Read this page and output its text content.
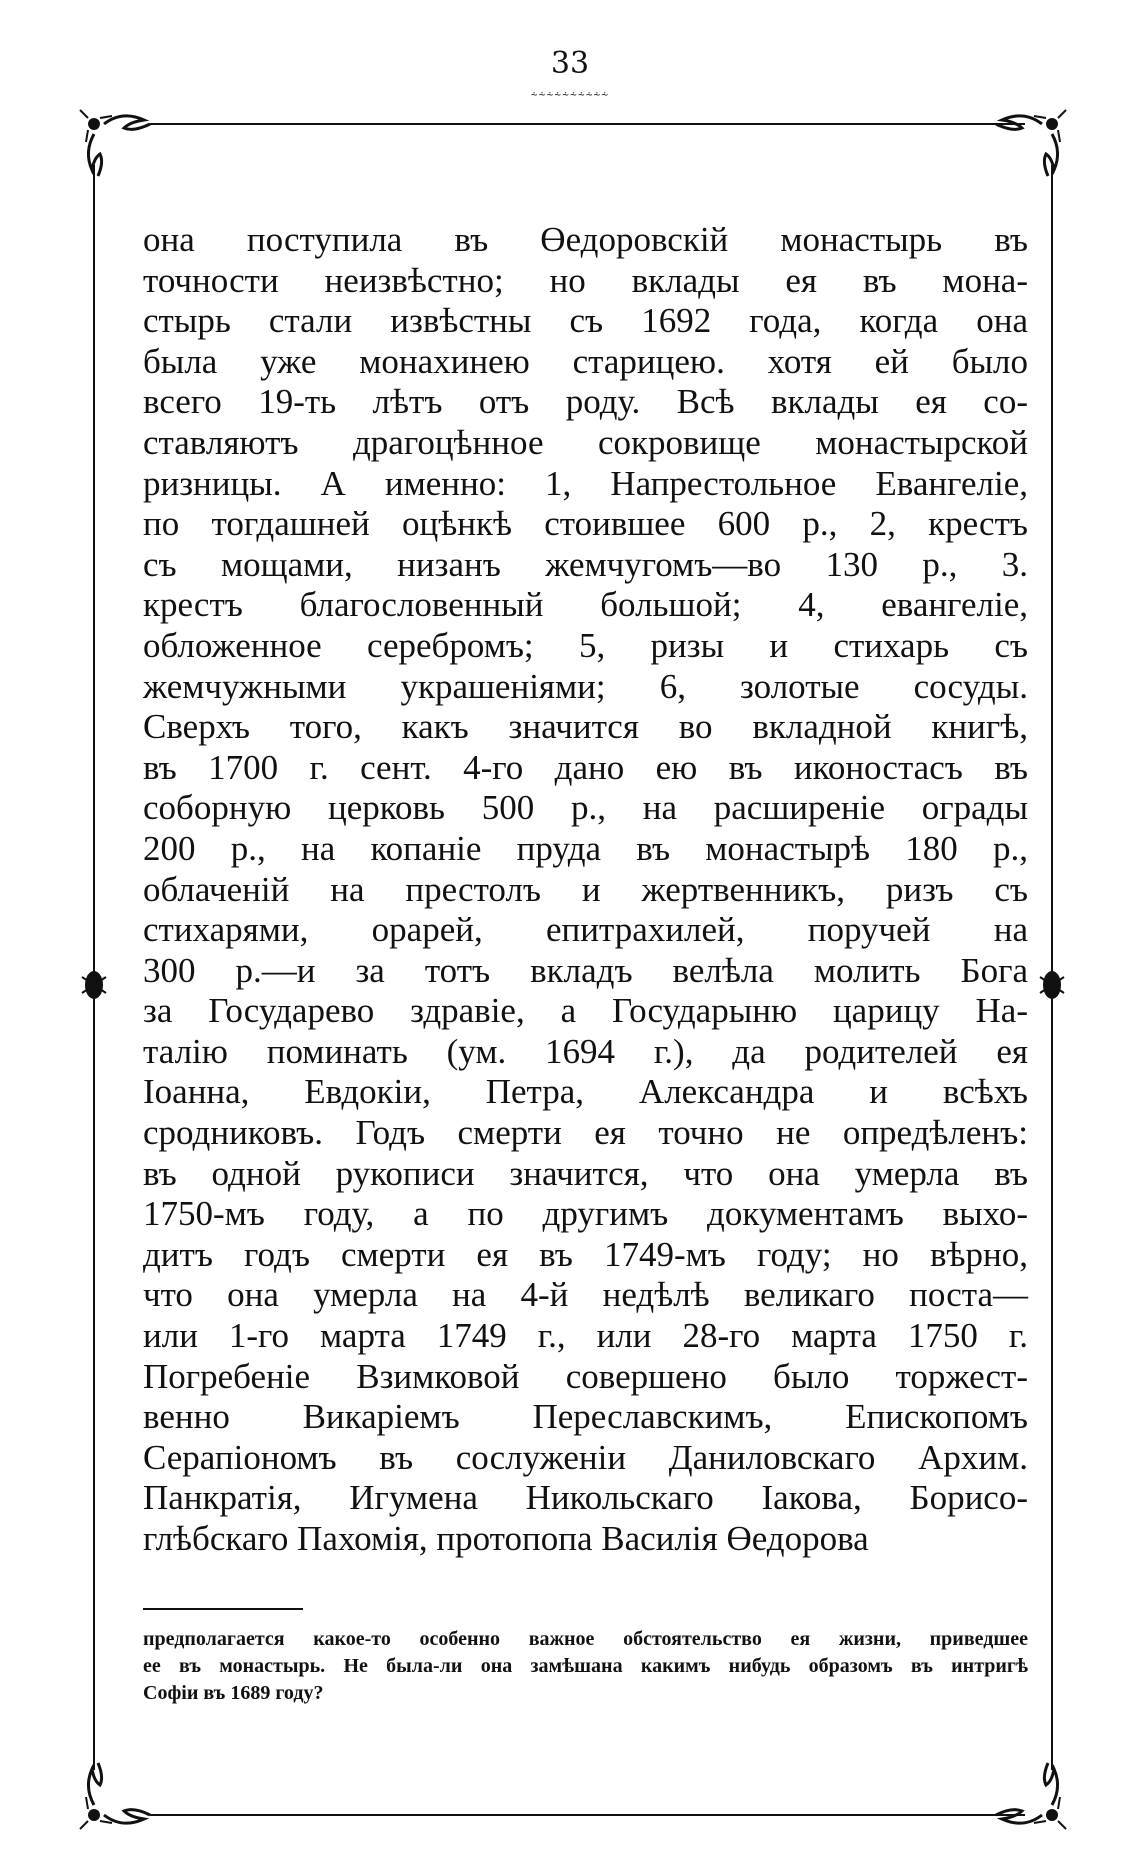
33
⸞⸞⸞⸞⸞⸞⸞⸞⸞⸞
она поступила въ Өедоровскій монастырь въ
точности неизвѣстно; но вклады ея въ мона-
стырь стали извѣстны съ 1692 года, когда она
была уже монахинею старицею. хотя ей было
всего 19-ть лѣтъ отъ роду. Всѣ вклады ея со-
ставляютъ драгоцѣнное сокровище монастырской
ризницы. А именно: 1, Напрестольное Евангеліе,
по тогдашней оцѣнкѣ стоившее 600 р., 2, крестъ
съ мощами, низанъ жемчугомъ—во 130 р., 3.
крестъ благословенный большой; 4, евангеліе,
обложенное серебромъ; 5, ризы и стихарь съ
жемчужными украшеніями; 6, золотые сосуды.
Сверхъ того, какъ значится во вкладной книгѣ,
въ 1700 г. сент. 4-го дано ею въ иконостасъ въ
соборную церковь 500 р., на расширеніе ограды
200 р., на копаніе пруда въ монастырѣ 180 р.,
облаченій на престолъ и жертвенникъ, ризъ съ
стихарями, орарей, епитрахилей, поручей на
300 р.—и за тотъ вкладъ велѣла молить Бога
за Государево здравіе, а Государыню царицу На-
талію поминать (ум. 1694 г.), да родителей ея
Іоанна, Евдокіи, Петра, Александра и всѣхъ
сродниковъ. Годъ смерти ея точно не опредѣленъ:
въ одной рукописи значится, что она умерла въ
1750-мъ году, а по другимъ документамъ выхо-
дитъ годъ смерти ея въ 1749-мъ году; но вѣрно,
что она умерла на 4-й недѣлѣ великаго поста—
или 1-го марта 1749 г., или 28-го марта 1750 г.
Погребеніе Взимковой совершено было торжест-
венно Викаріемъ Переславскимъ, Епископомъ
Серапіономъ въ сослуженіи Даниловскаго Архим.
Панкратія, Игумена Никольскаго Іакова, Борисо-
глѣбскаго Пахомія, протопопа Василія Өедорова
предполагается какое-то особенно важное обстоятельство ея жизни, приведшее
ее въ монастырь. Не была-ли она замѣшана какимъ нибудь образомъ въ интригѣ
Софіи въ 1689 году?
